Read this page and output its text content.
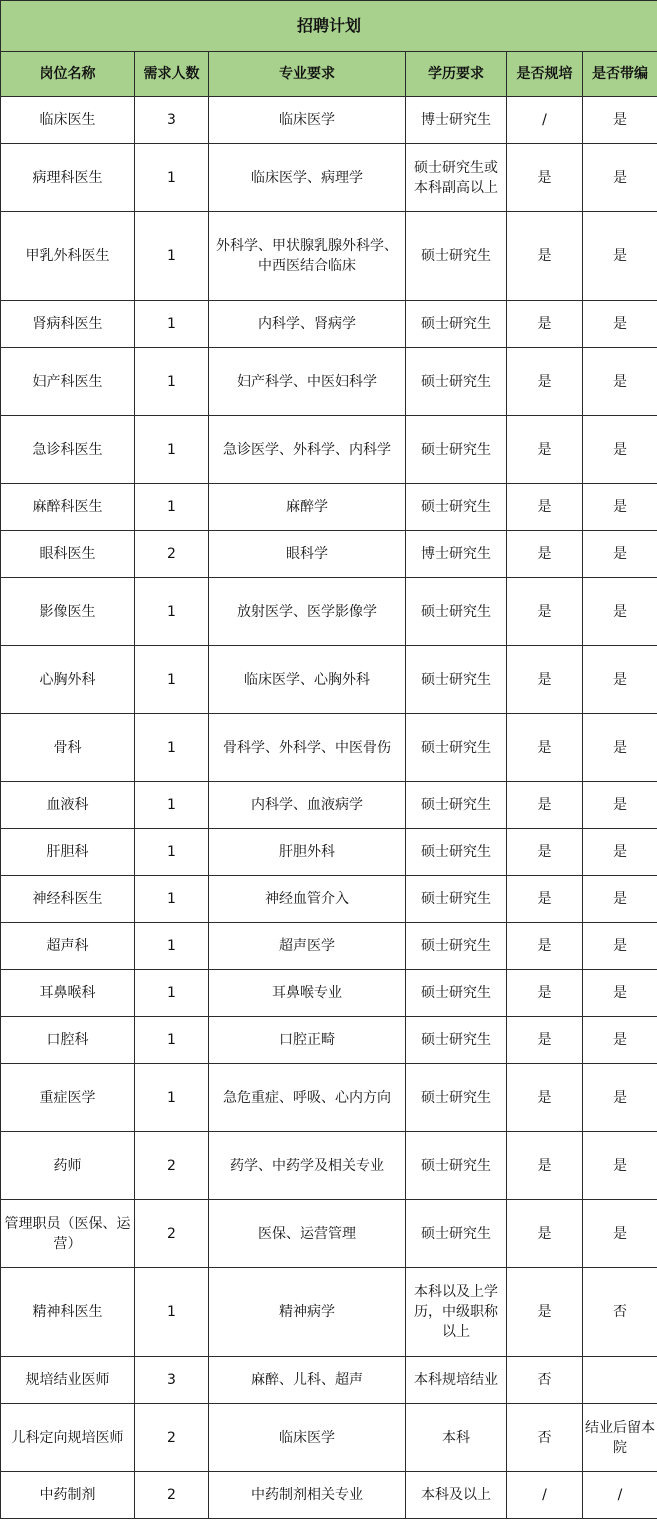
招聘计划					
岗位名称	需求人数	专业要求	学历要求	是否规培	是否带编
临床医生	3	临床医学	博士研究生	/	是
病理科医生	1	临床医学、病理学	硕士研究生或本科副高以上	是	是
甲乳外科医生	1	外科学、甲状腺乳腺外科学、中西医结合临床	硕士研究生	是	是
肾病科医生	1	内科学、肾病学	硕士研究生	是	是
妇产科医生	1	妇产科学、中医妇科学	硕士研究生	是	是
急诊科医生	1	急诊医学、外科学、内科学	硕士研究生	是	是
麻醉科医生	1	麻醉学	硕士研究生	是	是
眼科医生	2	眼科学	博士研究生	是	是
影像医生	1	放射医学、医学影像学	硕士研究生	是	是
心胸外科	1	临床医学、心胸外科	硕士研究生	是	是
骨科	1	骨科学、外科学、中医骨伤	硕士研究生	是	是
血液科	1	内科学、血液病学	硕士研究生	是	是
肝胆科	1	肝胆外科	硕士研究生	是	是
神经科医生	1	神经血管介入	硕士研究生	是	是
超声科	1	超声医学	硕士研究生	是	是
耳鼻喉科	1	耳鼻喉专业	硕士研究生	是	是
口腔科	1	口腔正畸	硕士研究生	是	是
重症医学	1	急危重症、呼吸、心内方向	硕士研究生	是	是
药师	2	药学、中药学及相关专业	硕士研究生	是	是
管理职员（医保、运营）	2	医保、运营管理	硕士研究生	是	是
精神科医生	1	精神病学	本科以及上学历，中级职称以上	是	否
规培结业医师	3	麻醉、儿科、超声	本科规培结业	否	
儿科定向规培医师	2	临床医学	本科	否	结业后留本院
中药制剂	2	中药制剂相关专业	本科及以上	/	/
